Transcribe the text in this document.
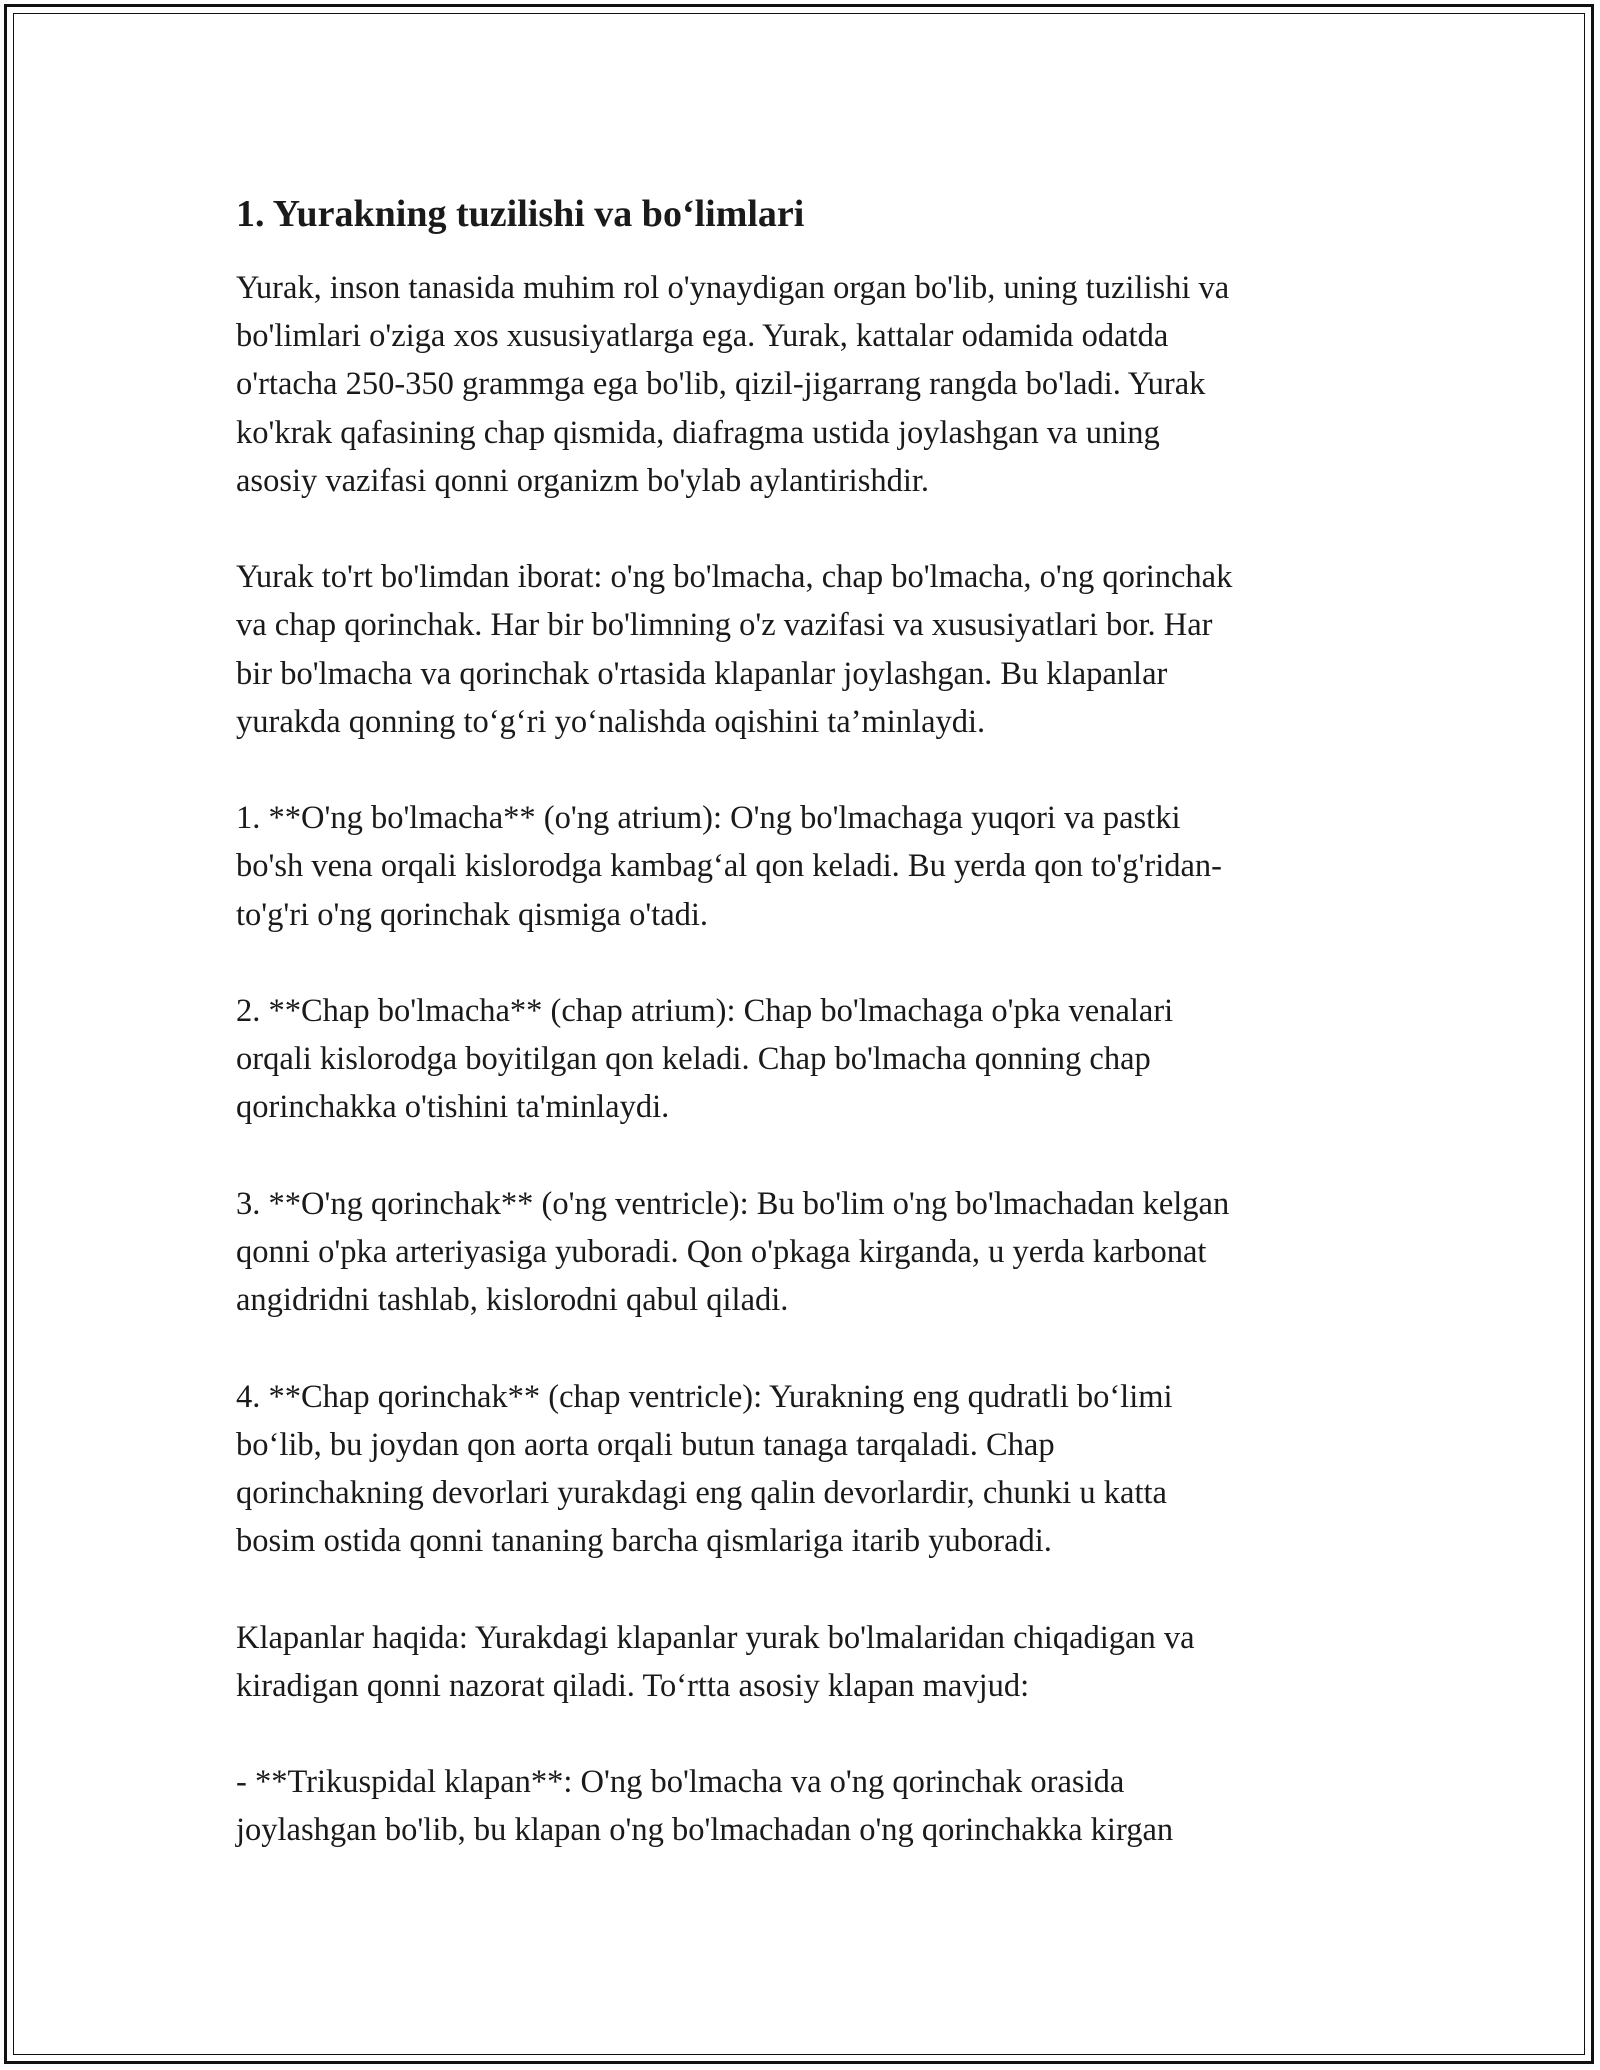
1. Yurakning tuzilishi va bo‘limlari

Yurak, inson tanasida muhim rol o'ynaydigan organ bo'lib, uning tuzilishi va
bo'limlari o'ziga xos xususiyatlarga ega. Yurak, kattalar odamida odatda
o'rtacha 250-350 grammga ega bo'lib, qizil-jigarrang rangda bo'ladi. Yurak
ko'krak qafasining chap qismida, diafragma ustida joylashgan va uning
asosiy vazifasi qonni organizm bo'ylab aylantirishdir.

Yurak to'rt bo'limdan iborat: o'ng bo'lmacha, chap bo'lmacha, o'ng qorinchak
va chap qorinchak. Har bir bo'limning o'z vazifasi va xususiyatlari bor. Har
bir bo'lmacha va qorinchak o'rtasida klapanlar joylashgan. Bu klapanlar
yurakda qonning to‘g‘ri yo‘nalishda oqishini ta’minlaydi.

1. **O'ng bo'lmacha** (o'ng atrium): O'ng bo'lmachaga yuqori va pastki
bo'sh vena orqali kislorodga kambag‘al qon keladi. Bu yerda qon to'g'ridan-
to'g'ri o'ng qorinchak qismiga o'tadi.

2. **Chap bo'lmacha** (chap atrium): Chap bo'lmachaga o'pka venalari
orqali kislorodga boyitilgan qon keladi. Chap bo'lmacha qonning chap
qorinchakka o'tishini ta'minlaydi.

3. **O'ng qorinchak** (o'ng ventricle): Bu bo'lim o'ng bo'lmachadan kelgan
qonni o'pka arteriyasiga yuboradi. Qon o'pkaga kirganda, u yerda karbonat
angidridni tashlab, kislorodni qabul qiladi.

4. **Chap qorinchak** (chap ventricle): Yurakning eng qudratli bo‘limi
bo‘lib, bu joydan qon aorta orqali butun tanaga tarqaladi. Chap
qorinchakning devorlari yurakdagi eng qalin devorlardir, chunki u katta
bosim ostida qonni tananing barcha qismlariga itarib yuboradi.

Klapanlar haqida: Yurakdagi klapanlar yurak bo'lmalaridan chiqadigan va
kiradigan qonni nazorat qiladi. To‘rtta asosiy klapan mavjud:

- **Trikuspidal klapan**: O'ng bo'lmacha va o'ng qorinchak orasida
joylashgan bo'lib, bu klapan o'ng bo'lmachadan o'ng qorinchakka kirgan
